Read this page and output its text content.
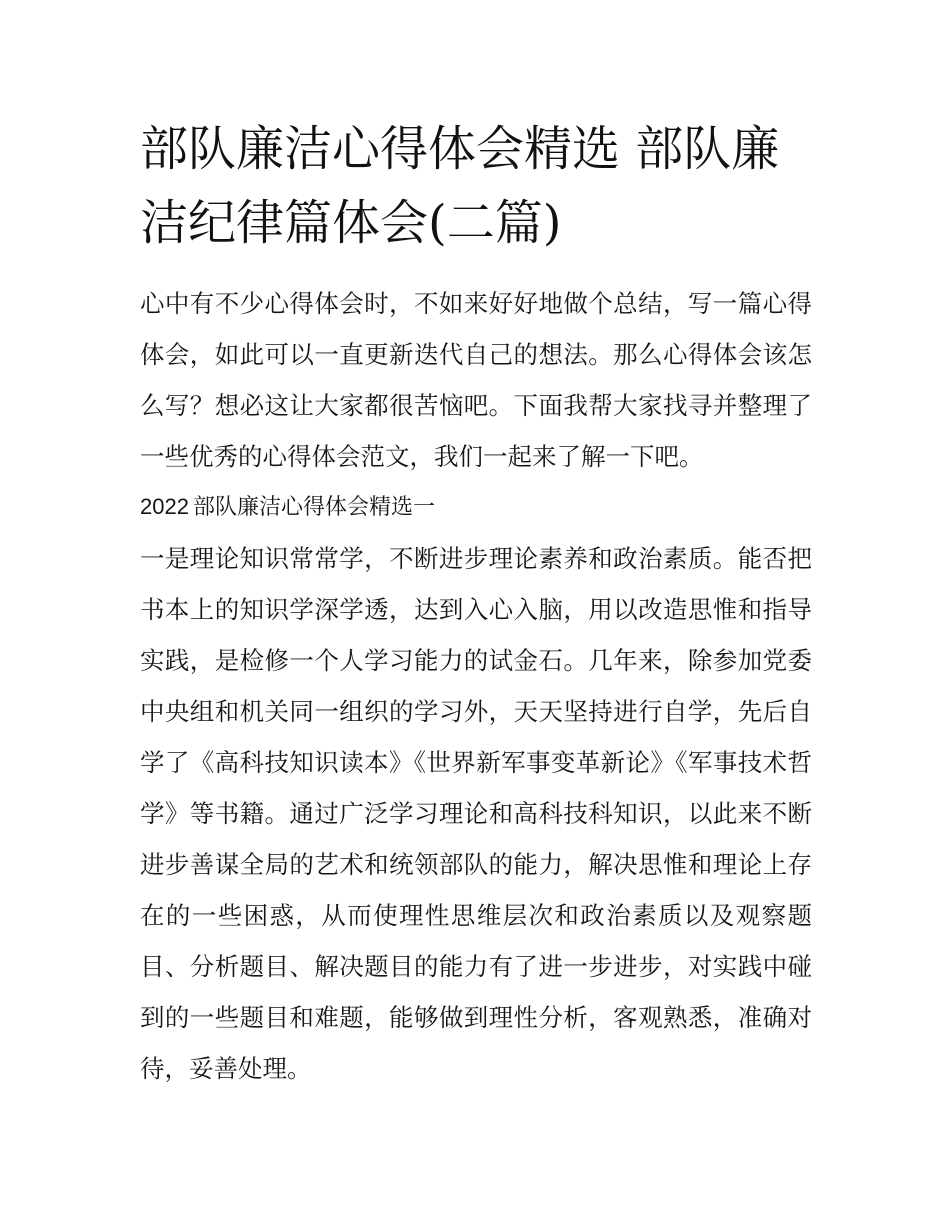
部队廉洁心得体会精选 部队廉洁纪律篇体会(二篇)

心中有不少心得体会时，不如来好好地做个总结，写一篇心得体会，如此可以一直更新迭代自己的想法。那么心得体会该怎么写？想必这让大家都很苦恼吧。下面我帮大家找寻并整理了一些优秀的心得体会范文，我们一起来了解一下吧。

2022 部队廉洁心得体会精选一

一是理论知识常常学，不断进步理论素养和政治素质。能否把书本上的知识学深学透，达到入心入脑，用以改造思惟和指导实践，是检修一个人学习能力的试金石。几年来，除参加党委中央组和机关同一组织的学习外，天天坚持进行自学，先后自学了《高科技知识读本》《世界新军事变革新论》《军事技术哲学》等书籍。通过广泛学习理论和高科技科知识，以此来不断进步善谋全局的艺术和统领部队的能力，解决思惟和理论上存在的一些困惑，从而使理性思维层次和政治素质以及观察题目、分析题目、解决题目的能力有了进一步进步，对实践中碰到的一些题目和难题，能够做到理性分析，客观熟悉，准确对待，妥善处理。
